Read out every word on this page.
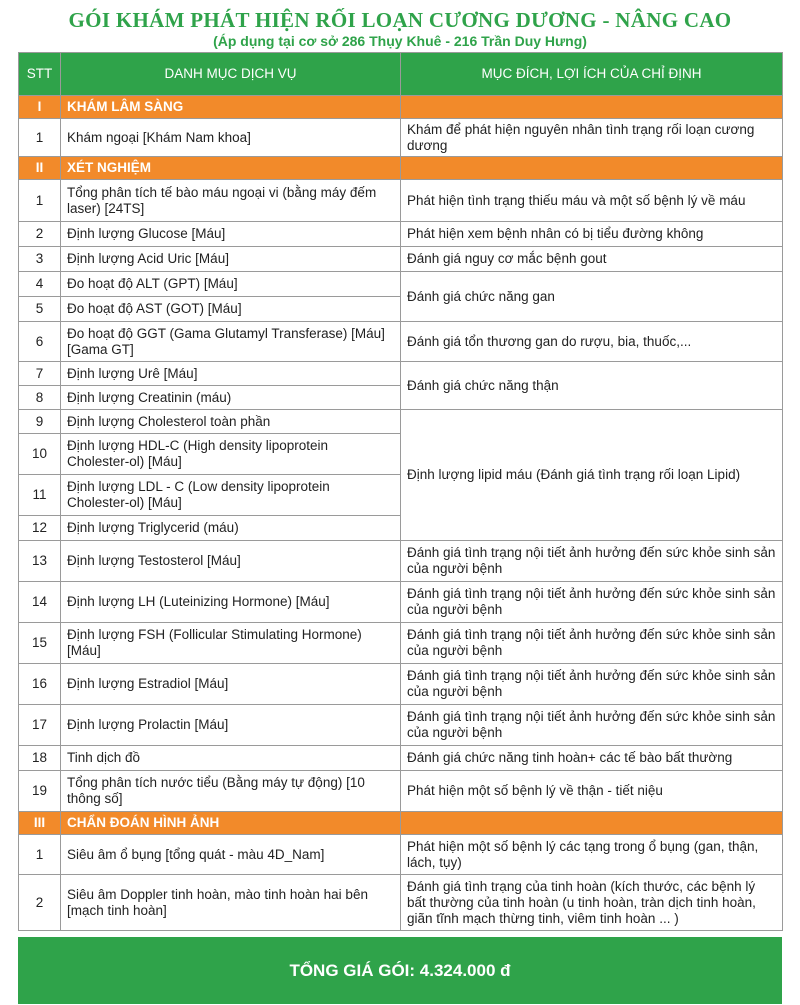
GÓI KHÁM PHÁT HIỆN RỐI LOẠN CƯƠNG DƯƠNG - NÂNG CAO
(Áp dụng tại cơ sở 286 Thụy Khuê - 216 Trần Duy Hưng)
STT	DANH MỤC DỊCH VỤ	MỤC ĐÍCH, LỢI ÍCH CỦA CHỈ ĐỊNH
I	KHÁM LÂM SÀNG	
1	Khám ngoại [Khám Nam khoa]	Khám để phát hiện nguyên nhân tình trạng rối loạn cương dương
II	XÉT NGHIỆM	
1	Tổng phân tích tế bào máu ngoại vi (bằng máy đếm laser) [24TS]	Phát hiện tình trạng thiếu máu và một số bệnh lý về máu
2	Định lượng Glucose [Máu]	Phát hiện xem bệnh nhân có bị tiểu đường không
3	Định lượng Acid Uric [Máu]	Đánh giá nguy cơ mắc bệnh gout
4	Đo hoạt độ ALT (GPT) [Máu]	Đánh giá chức năng gan
5	Đo hoạt độ AST (GOT) [Máu]	
6	Đo hoạt độ GGT (Gama Glutamyl Transferase) [Máu] [Gama GT]	Đánh giá tổn thương gan do rượu, bia, thuốc,...
7	Định lượng Urê [Máu]	Đánh giá chức năng thận
8	Định lượng Creatinin (máu)	
9	Định lượng Cholesterol toàn phần	Định lượng lipid máu (Đánh giá tình trạng rối loạn Lipid)
10	Định lượng HDL-C (High density lipoprotein Cholester-ol) [Máu]	
11	Định lượng LDL - C (Low density lipoprotein Cholester-ol) [Máu]	
12	Định lượng Triglycerid (máu)	
13	Định lượng Testosterol [Máu]	Đánh giá tình trạng nội tiết ảnh hưởng đến sức khỏe sinh sản của người bệnh
14	Định lượng LH (Luteinizing Hormone) [Máu]	Đánh giá tình trạng nội tiết ảnh hưởng đến sức khỏe sinh sản của người bệnh
15	Định lượng FSH (Follicular Stimulating Hormone) [Máu]	Đánh giá tình trạng nội tiết ảnh hưởng đến sức khỏe sinh sản của người bệnh
16	Định lượng Estradiol [Máu]	Đánh giá tình trạng nội tiết ảnh hưởng đến sức khỏe sinh sản của người bệnh
17	Định lượng Prolactin [Máu]	Đánh giá tình trạng nội tiết ảnh hưởng đến sức khỏe sinh sản của người bệnh
18	Tinh dịch đồ	Đánh giá chức năng tinh hoàn+ các tế bào bất thường
19	Tổng phân tích nước tiểu (Bằng máy tự động) [10 thông số]	Phát hiện một số bệnh lý về thận - tiết niệu
III	CHẨN ĐOÁN HÌNH ẢNH	
1	Siêu âm ổ bụng [tổng quát - màu 4D_Nam]	Phát hiện một số bệnh lý các tạng trong ổ bụng (gan, thận, lách, tụy)
2	Siêu âm Doppler tinh hoàn, mào tinh hoàn hai bên [mạch tinh hoàn]	Đánh giá tình trạng của tinh hoàn (kích thước, các bệnh lý bất thường của tinh hoàn (u tinh hoàn, tràn dịch tinh hoàn, giãn tĩnh mạch thừng tinh, viêm tinh hoàn ... )
TỔNG GIÁ GÓI: 4.324.000 đ
